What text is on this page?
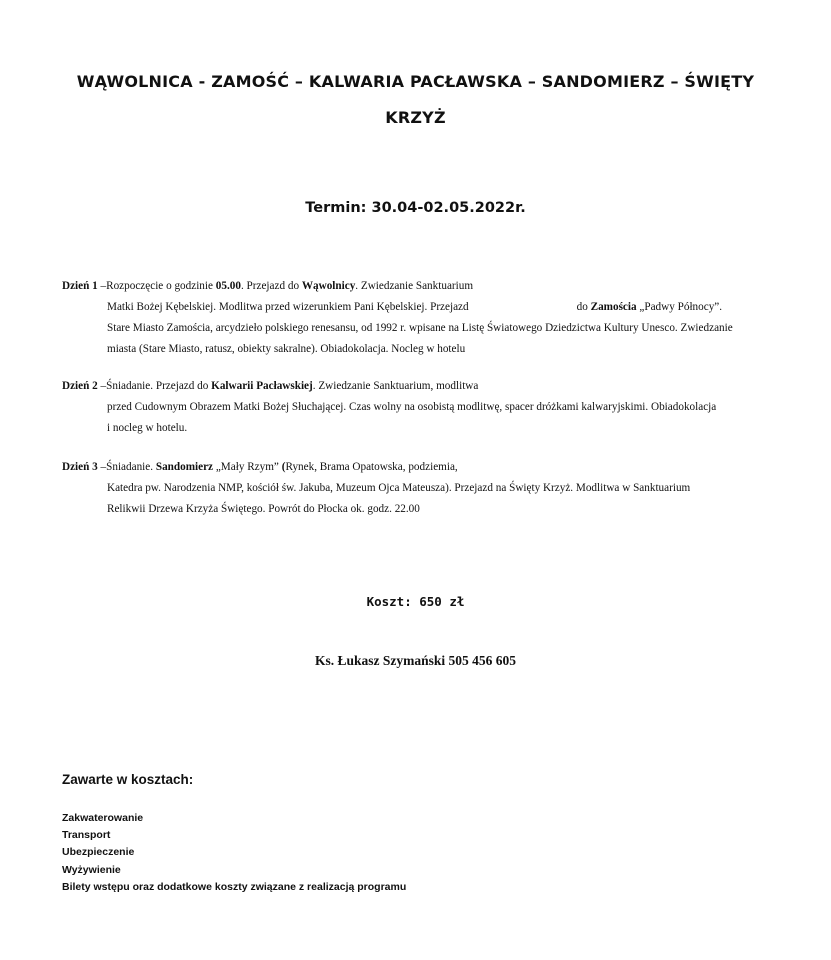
WĄWOLNICA - ZAMOŚĆ – KALWARIA PACŁAWSKA – SANDOMIERZ – ŚWIĘTY
KRZYŻ
Termin: 30.04-02.05.2022r.
Dzień 1 –Rozpoczęcie o godzinie 05.00. Przejazd do Wąwolnicy. Zwiedzanie Sanktuarium
Matki Bożej Kębelskiej. Modlitwa przed wizerunkiem Pani Kębelskiej. Przejazd	do Zamościa „Padwy Północy”.
Stare Miasto Zamościa, arcydzieło polskiego renesansu, od 1992 r. wpisane na Listę Światowego Dziedzictwa Kultury Unesco. Zwiedzanie
miasta (Stare Miasto, ratusz, obiekty sakralne). Obiadokolacja. Nocleg w hotelu
Dzień 2 –Śniadanie. Przejazd do Kalwarii Pacławskiej. Zwiedzanie Sanktuarium, modlitwa
przed Cudownym Obrazem Matki Bożej Słuchającej. Czas wolny na osobistą modlitwę, spacer dróżkami kalwaryjskimi. Obiadokolacja
i nocleg w hotelu.
Dzień 3 –Śniadanie. Sandomierz „Mały Rzym” (Rynek, Brama Opatowska, podziemia,
Katedra pw. Narodzenia NMP, kościół św. Jakuba, Muzeum Ojca Mateusza). Przejazd na Święty Krzyż. Modlitwa w Sanktuarium
Relikwii Drzewa Krzyża Świętego. Powrót do Płocka ok. godz. 22.00
Koszt: 650 zł
Ks. Łukasz Szymański 505 456 605
Zawarte w kosztach:
Zakwaterowanie
Transport
Ubezpieczenie
Wyżywienie
Bilety wstępu oraz dodatkowe koszty związane z realizacją programu
